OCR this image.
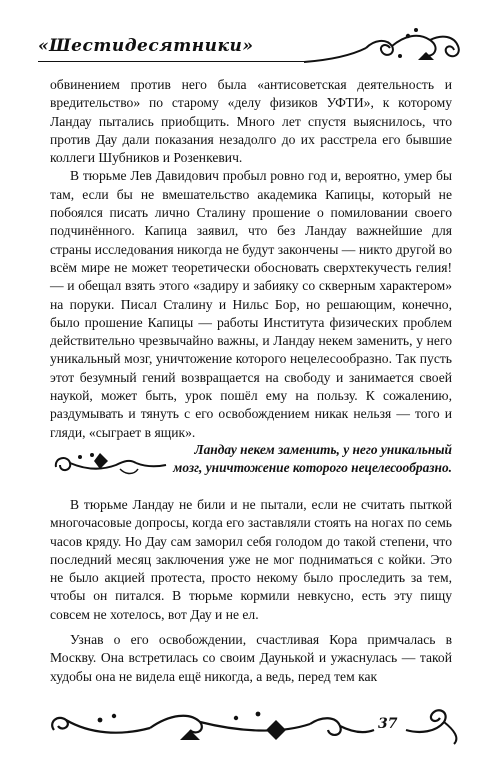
«Шестидесятники»

обвинением против него была «антисоветская деятельность и вредительство» по старому «делу физиков УФТИ», к которому Ландау пытались приобщить. Много лет спустя выяснилось, что против Дау дали показания незадолго до их расстрела его бывшие коллеги Шубников и Розенкевич.

В тюрьме Лев Давидович пробыл ровно год и, вероятно, умер бы там, если бы не вмешательство академика Капицы, который не побоялся писать лично Сталину прошение о помиловании своего подчинённого. Капица заявил, что без Ландау важнейшие для страны исследования никогда не будут закончены — никто другой во всём мире не может теоретически обосновать сверхтекучесть гелия! — и обещал взять этого «задиру и забияку со скверным характером» на поруки. Писал Сталину и Нильс Бор, но решающим, конечно, было прошение Капицы — работы Института физических проблем действительно чрезвычайно важны, и Ландау некем заменить, у него уникальный мозг, уничтожение которого нецелесообразно. Так пусть этот безумный гений возвращается на свободу и занимается своей наукой, может быть, урок пошёл ему на пользу. К сожалению, раздумывать и тянуть с его освобождением никак нельзя — того и гляди, «сыграет в ящик».

Ландау некем заменить, у него уникальный мозг, уничтожение которого нецелесообразно.

В тюрьме Ландау не били и не пытали, если не считать пыткой многочасовые допросы, когда его заставляли стоять на ногах по семь часов кряду. Но Дау сам заморил себя голодом до такой степени, что последний месяц заключения уже не мог подниматься с койки. Это не было акцией протеста, просто некому было проследить за тем, чтобы он питался. В тюрьме кормили невкусно, есть эту пищу совсем не хотелось, вот Дау и не ел.

Узнав о его освобождении, счастливая Кора примчалась в Москву. Она встретилась со своим Даунькой и ужаснулась — такой худобы она не видела ещё никогда, а ведь, перед тем как

37
